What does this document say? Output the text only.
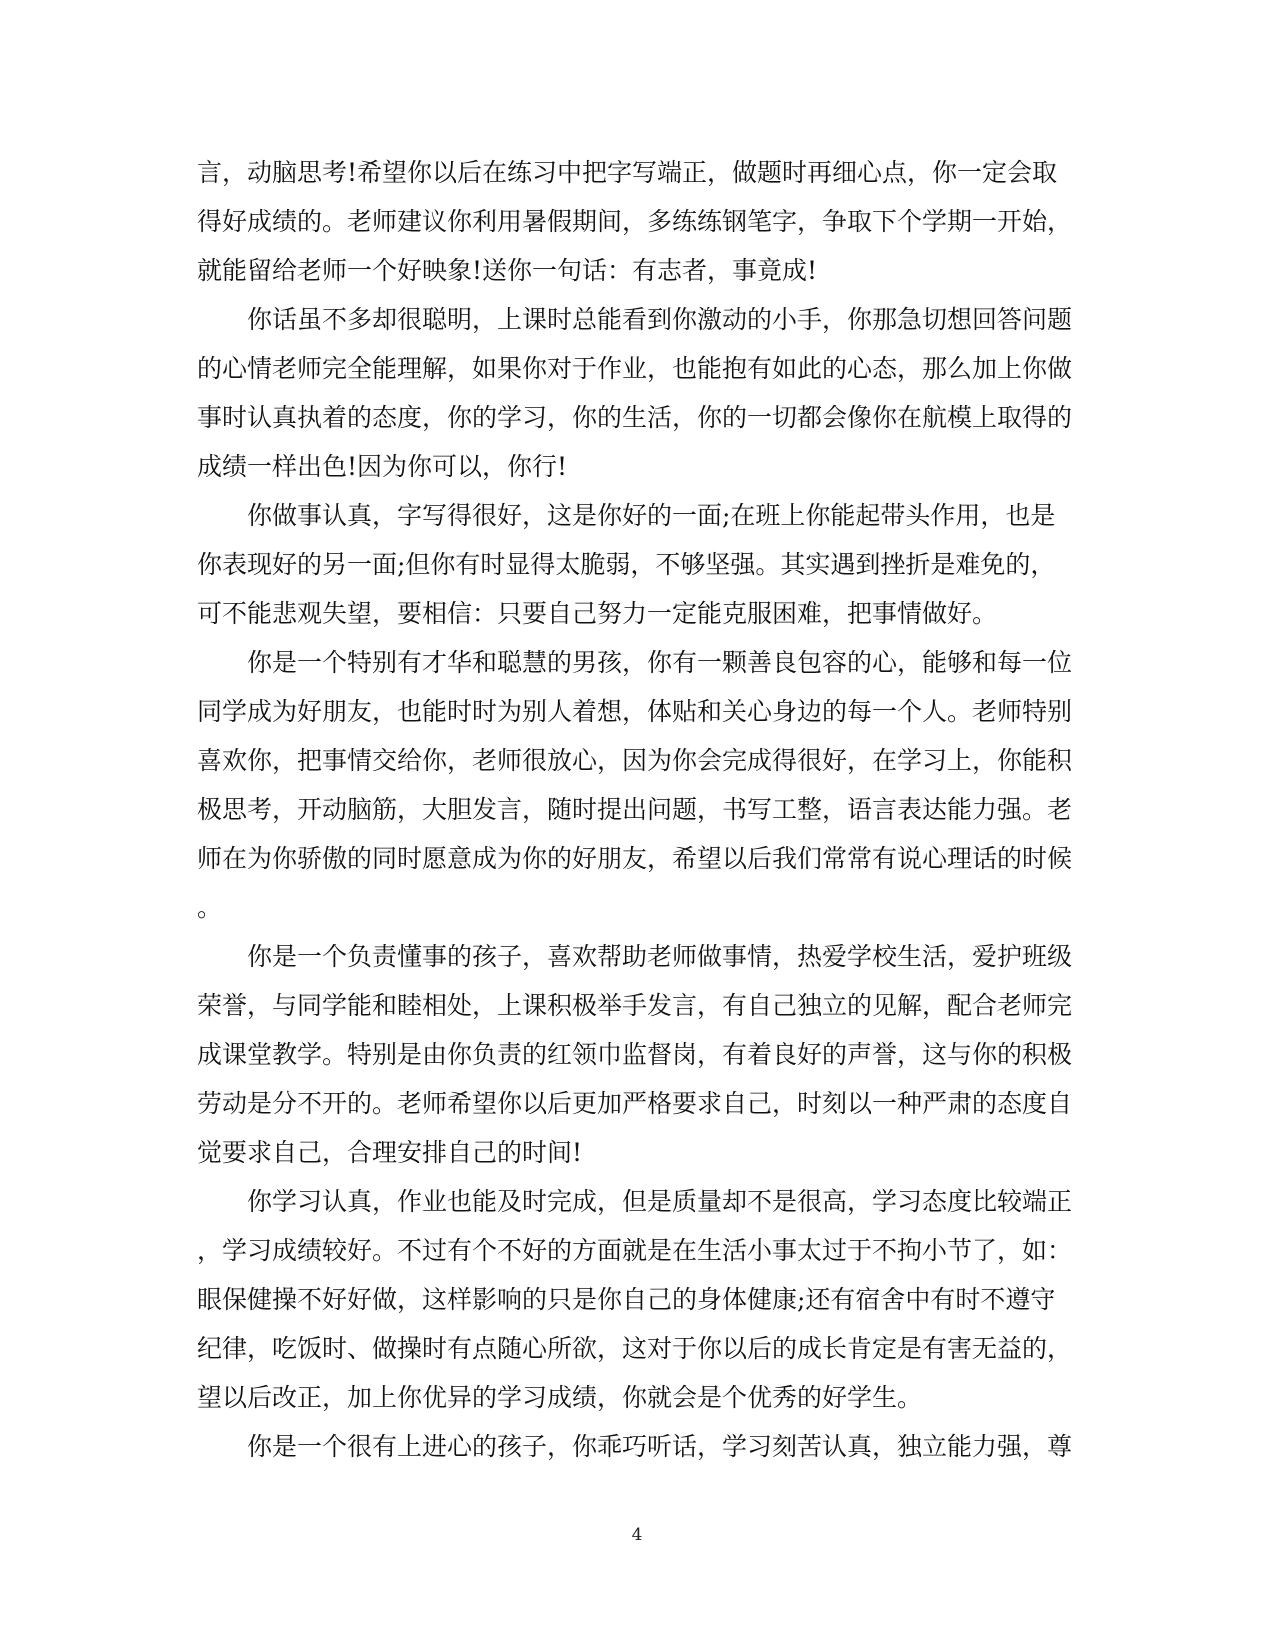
言，动脑思考!希望你以后在练习中把字写端正，做题时再细心点，你一定会取
得好成绩的。老师建议你利用暑假期间，多练练钢笔字，争取下个学期一开始，
就能留给老师一个好映象!送你一句话：有志者，事竟成!
你话虽不多却很聪明，上课时总能看到你激动的小手，你那急切想回答问题
的心情老师完全能理解，如果你对于作业，也能抱有如此的心态，那么加上你做
事时认真执着的态度，你的学习，你的生活，你的一切都会像你在航模上取得的
成绩一样出色!因为你可以，你行!
你做事认真，字写得很好，这是你好的一面;在班上你能起带头作用，也是
你表现好的另一面;但你有时显得太脆弱，不够坚强。其实遇到挫折是难免的，
可不能悲观失望，要相信：只要自己努力一定能克服困难，把事情做好。
你是一个特别有才华和聪慧的男孩，你有一颗善良包容的心，能够和每一位
同学成为好朋友，也能时时为别人着想，体贴和关心身边的每一个人。老师特别
喜欢你，把事情交给你，老师很放心，因为你会完成得很好，在学习上，你能积
极思考，开动脑筋，大胆发言，随时提出问题，书写工整，语言表达能力强。老
师在为你骄傲的同时愿意成为你的好朋友，希望以后我们常常有说心理话的时候
。
你是一个负责懂事的孩子，喜欢帮助老师做事情，热爱学校生活，爱护班级
荣誉，与同学能和睦相处，上课积极举手发言，有自己独立的见解，配合老师完
成课堂教学。特别是由你负责的红领巾监督岗，有着良好的声誉，这与你的积极
劳动是分不开的。老师希望你以后更加严格要求自己，时刻以一种严肃的态度自
觉要求自己，合理安排自己的时间!
你学习认真，作业也能及时完成，但是质量却不是很高，学习态度比较端正
，学习成绩较好。不过有个不好的方面就是在生活小事太过于不拘小节了，如：
眼保健操不好好做，这样影响的只是你自己的身体健康;还有宿舍中有时不遵守
纪律，吃饭时、做操时有点随心所欲，这对于你以后的成长肯定是有害无益的，
望以后改正，加上你优异的学习成绩，你就会是个优秀的好学生。
你是一个很有上进心的孩子，你乖巧听话，学习刻苦认真，独立能力强，尊
4
